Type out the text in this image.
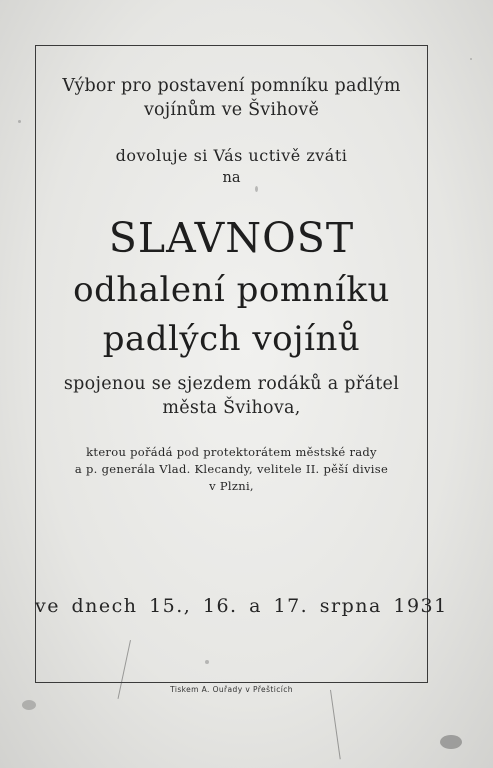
Výbor pro postavení pomníku padlým
vojínům ve Švihově
dovoluje si Vás uctivě zváti
na
SLAVNOST
odhalení pomníku
padlých vojínů
spojenou se sjezdem rodáků a přátel
města Švihova,
kterou pořádá pod protektorátem městské rady
a p. generála Vlad. Klecandy, velitele II. pěší divise
v Plzni,
ve dnech 15., 16. a 17. srpna 1931
Tiskem A. Ouřady v Přešticích
